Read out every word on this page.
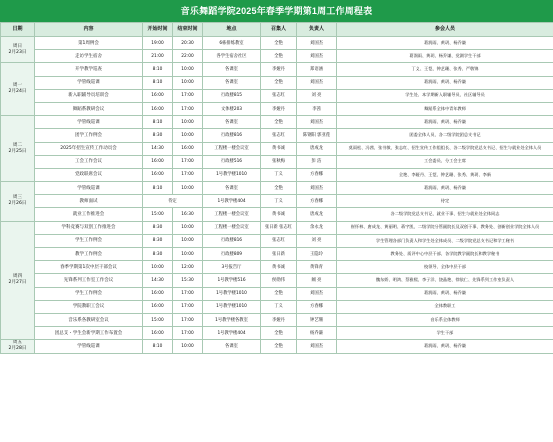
音乐舞蹈学院2025年春季学期第1周工作周程表
日期	内容	开始时间	结束时间	地点	召集人	负责人	参会人员

周日
2月23日	第1周例会	19:00	20:30	6栋排练教室	全艳	刘国杰	葛润雨、黄玥、杨乔谦
	走访学生宿舍	21:00	22:00	各学生宿舍社区	全艳	刘国杰	葛润雨、黄玥、杨乔谦、党湖学生干部

周一
2月24日	开学教学巡查	8:10	10:00	各课室	李娅丹	郑语涵	丁义、王恺、钟艺珊、张秀、严敬锦
	学管线巡课	8:10	10:00	各课室	全艳	刘国杰	葛润雨、黄玥、杨乔谦
	新入职辅导员培训会	16:00	17:00	行政楼815	张志红	刘 亮	学生处、本学期新入职辅导员、社区辅导员
	舞蹈系教研会议	16:00	17:00	文体楼203	李娅丹	李茜	舞蹈系全体中青年教师

周二
2月25日	学管线巡课	8:10	10:00	各课室	全艳	刘国杰	葛润雨、黄玥、杨乔谦
	团学工作例会	8:30	10:00	行政楼816	张志红	陈钢阳 郭亚莲	团委全体人员、各二级学院团总支书记
	2025年招生宣传工作动员会	14:30	16:00	工程楼一楼会议室	黄书诚	唐成龙	莫雨松、冯茜、张书敏、张志红、招生宣传工作组组长、各二级学院党总支书记、招生与就业处全体人员
	工会工作会议	16:00	17:00	行政楼516	张秋梅	彭 洁	工会委员、分工会主席
	党政联席会议	16:00	17:00	1号教学楼1010	丁义	方春娜	全艳、李娅丹、王恺、钟艺珊、张秀、黄玥、李新

周三
2月26日	学管线巡课	8:10	10:00	各课室	全艳	刘国杰	葛润雨、黄玥、杨乔谦
	教师面试	待定		1号教学楼404	丁义	方春娜	待定
	就业工作推进会	15:00	16:30	工程楼一楼会议室	黄书诚	唐成龙	各二级学院党总支书记、就业干事、招生与就业处全体同志

周四
2月27日	学科竞赛与双创工作推进会	8:30	10:00	工程楼一楼会议室	张日新 张志红	余永龙	崔怀林、唐成龙、黄丽明、蒋宇凯、二级学院分管副院长及双创干事、教务处、创新创业学院全体人员
	学生工作例会	8:30	10:00	行政楼816	张志红	刘 亮	学生管理各部门负责人和学生处全体成员、二级学院党总支书记和学工秘书
	教学工作例会	8:30	10:00	行政楼809	张日新	王隐玲	教务处、质评中心中层干部、各学院教学副院长和教学秘书
	春季学期第1次中层干部会议	10:00	12:00	3号报告厅	黄书诚	黄锋青	校领导、全体中层干部
	先锋系列工作室工作会议	14:30	15:30	1号教学楼516	侯勋伟	阚 亮	魏东娇、明鸿、蔡雅熙、李子洋、饶晶艳、徐依仁、先锋系列工作室负责人
	学生工作例会	16:00	17:00	1号教学楼1010	全艳	刘国杰	葛润雨、黄玥、杨乔谦
	学院教职工会议	16:00	17:00	1号教学楼1010	丁义	方春娜	全体教职工
	音乐系各教研室会议	15:00	17:00	1号教学楼各教室	李娅丹	钟艺珊	音乐系全体教师
	团总支・学生会新学期工作布置会	16:00	17:00	1号教学楼404	全艳	杨乔谦	学生干部

周五
2月28日	学管线巡课	8:10	10:00	各课室	全艳	刘国杰	葛润雨、黄玥、杨乔谦
